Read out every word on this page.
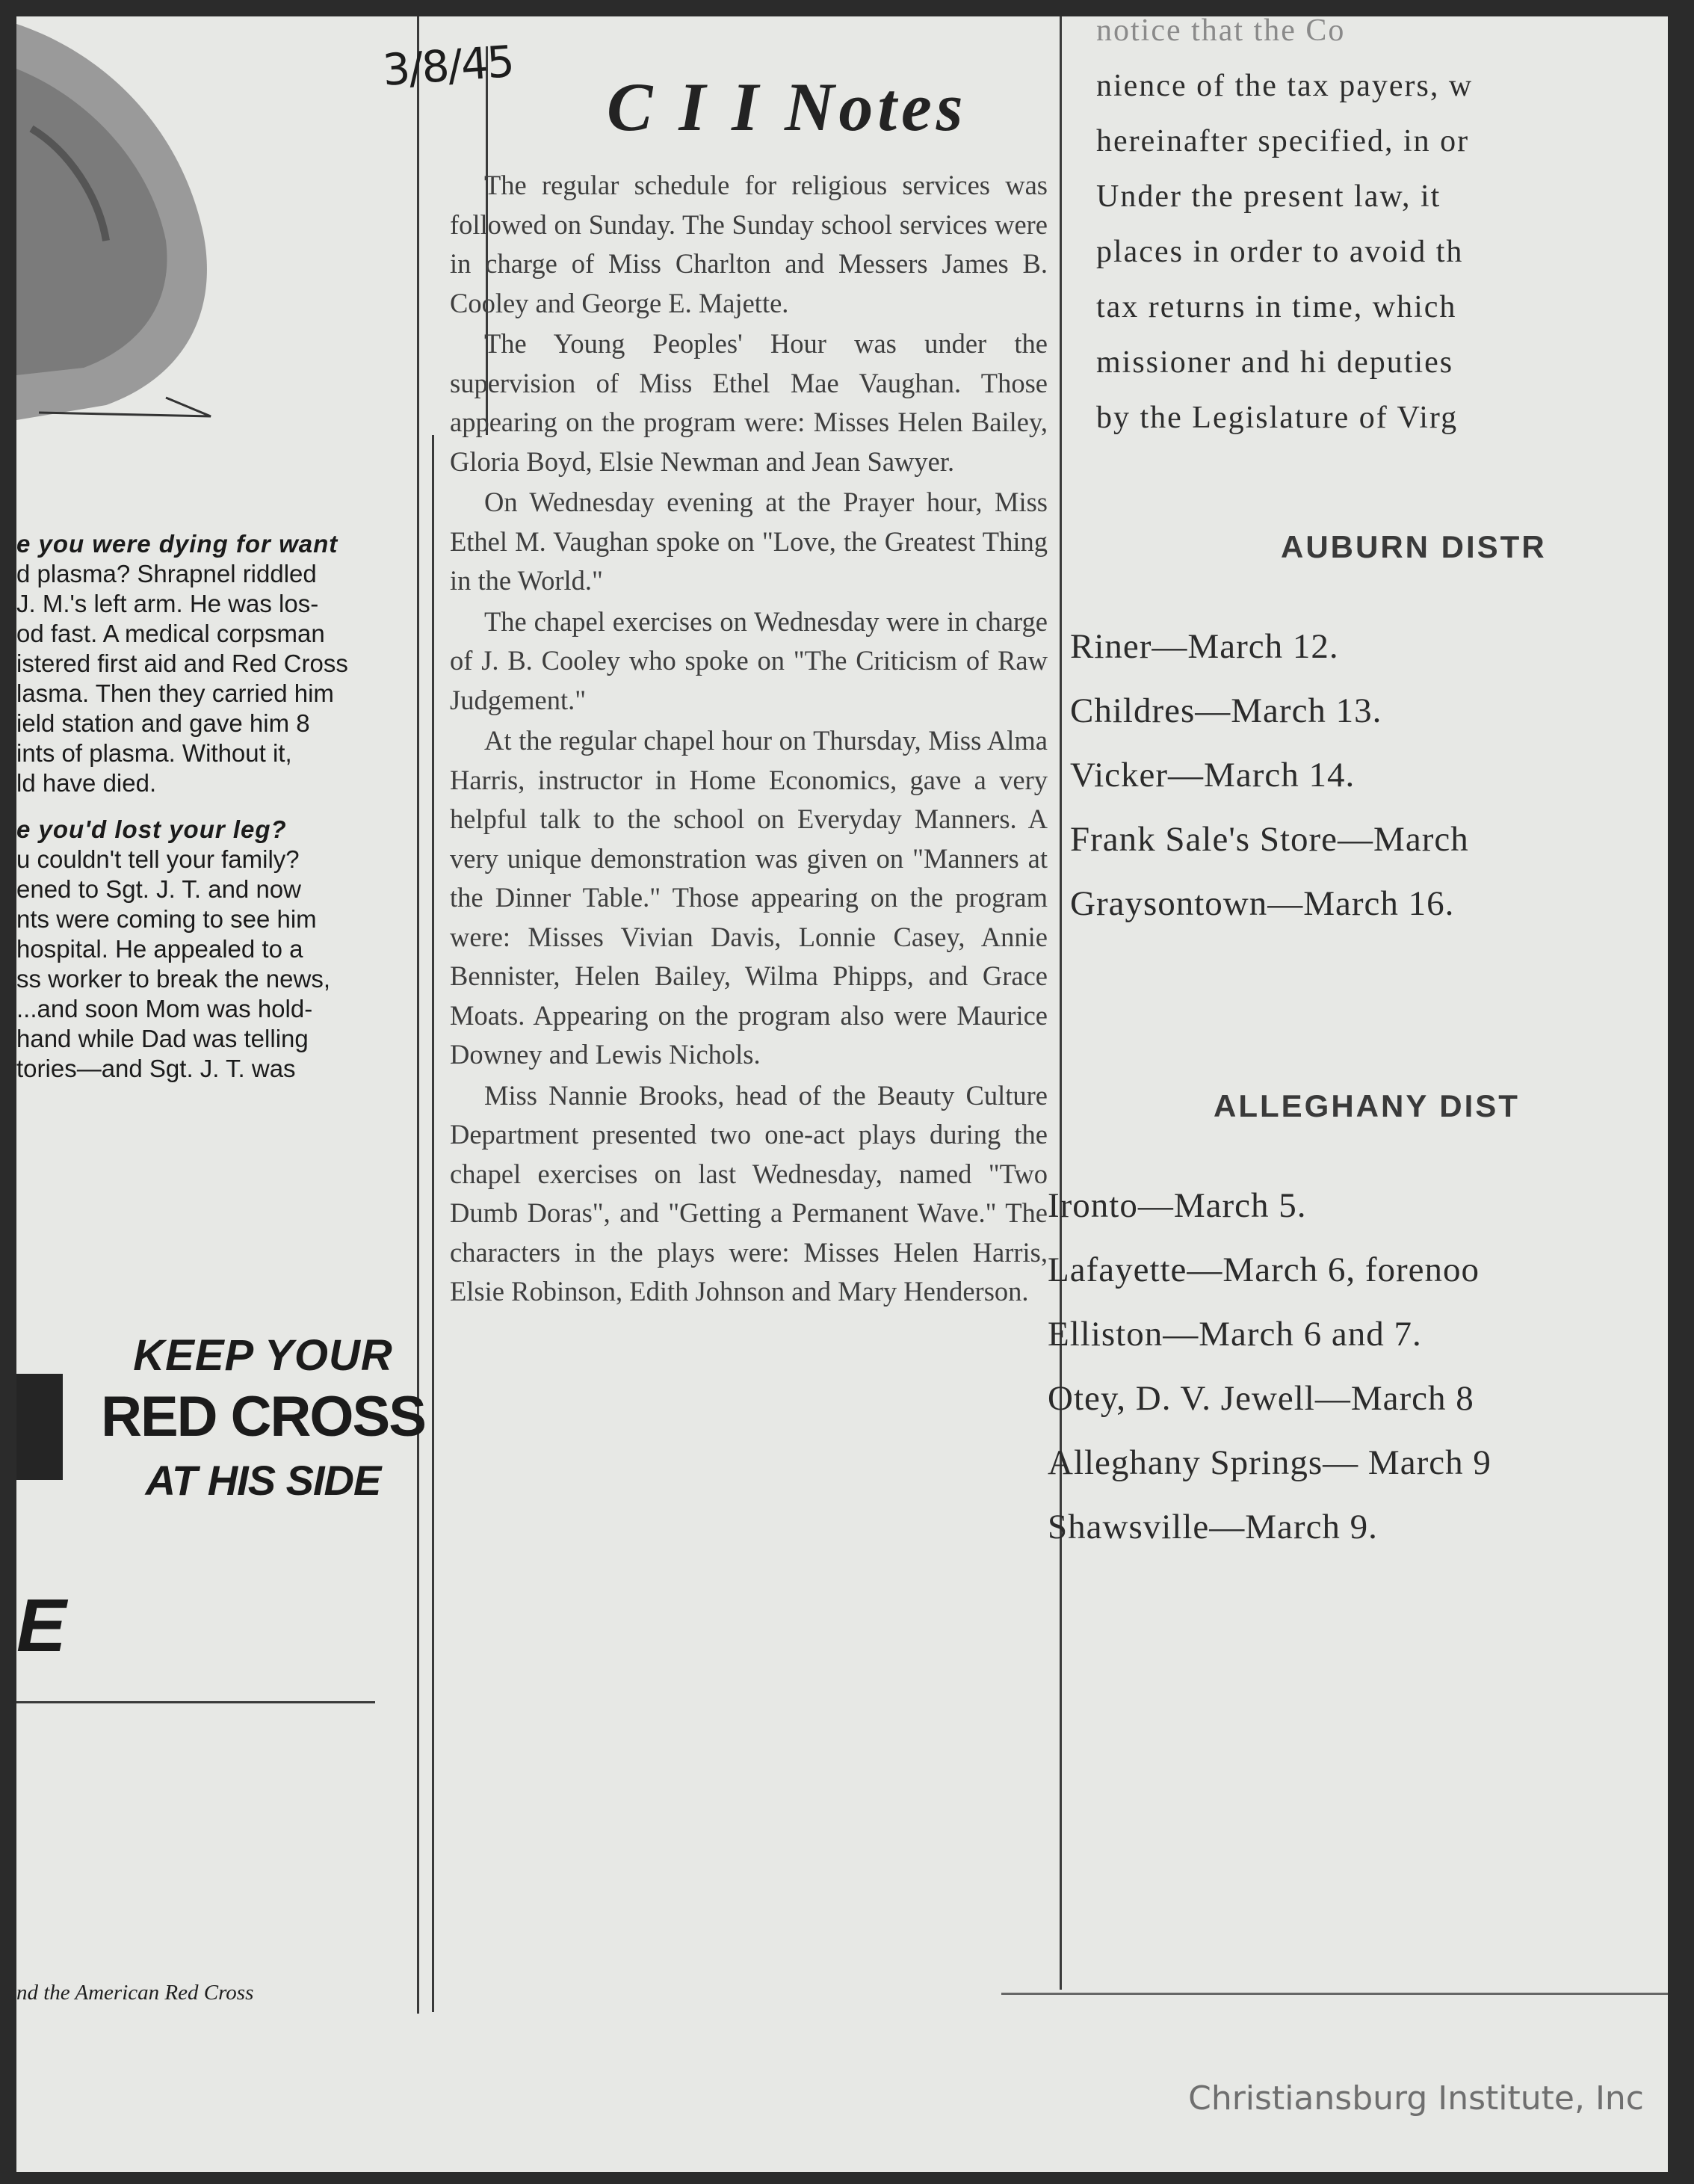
e you were dying for want
d plasma? Shrapnel riddled
J. M.'s left arm. He was los-
od fast. A medical corpsman
istered first aid and Red Cross
lasma. Then they carried him
ield station and gave him 8
ints of plasma. Without it,
ld have died.
e you'd lost your leg?
u couldn't tell your family?
ened to Sgt. J. T. and now
nts were coming to see him
hospital. He appealed to a
ss worker to break the news,
...and soon Mom was hold-
hand while Dad was telling
tories—and Sgt. J. T. was
KEEP YOUR
RED CROSS
AT HIS SIDE
E
nd the American Red Cross
3/8/45
C I I Notes

The regular schedule for religious services was followed on Sunday. The Sunday school services were in charge of Miss Charlton and Messers James B. Cooley and George E. Majette.

The Young Peoples' Hour was under the supervision of Miss Ethel Mae Vaughan. Those appearing on the program were: Misses Helen Bailey, Gloria Boyd, Elsie Newman and Jean Sawyer.

On Wednesday evening at the Prayer hour, Miss Ethel M. Vaughan spoke on "Love, the Greatest Thing in the World."

The chapel exercises on Wednesday were in charge of J. B. Cooley who spoke on "The Criticism of Raw Judgement."

At the regular chapel hour on Thursday, Miss Alma Harris, instructor in Home Economics, gave a very helpful talk to the school on Everyday Manners. A very unique demonstration was given on "Manners at the Dinner Table." Those appearing on the program were: Misses Vivian Davis, Lonnie Casey, Annie Bennister, Helen Bailey, Wilma Phipps, and Grace Moats. Appearing on the program also were Maurice Downey and Lewis Nichols.

Miss Nannie Brooks, head of the Beauty Culture Department presented two one-act plays during the chapel exercises on last Wednesday, named "Two Dumb Doras", and "Getting a Permanent Wave." The characters in the plays were: Misses Helen Harris, Elsie Robinson, Edith Johnson and Mary Henderson.

notice that the Co
nience of the tax payers, w
hereinafter specified, in or
Under the present law, it
places in order to avoid th
tax returns in time, which
missioner and hi deputies
by the Legislature of Virg
AUBURN DISTR
Riner—March 12.
Childres—March 13.
Vicker—March 14.
Frank Sale's Store—March
Graysontown—March 16.
ALLEGHANY DIST
Ironto—March 5.
Lafayette—March 6, forenoo
Elliston—March 6 and 7.
Otey, D. V. Jewell—March 8
Alleghany Springs— March 9
Shawsville—March 9.
Christiansburg Institute, Inc
